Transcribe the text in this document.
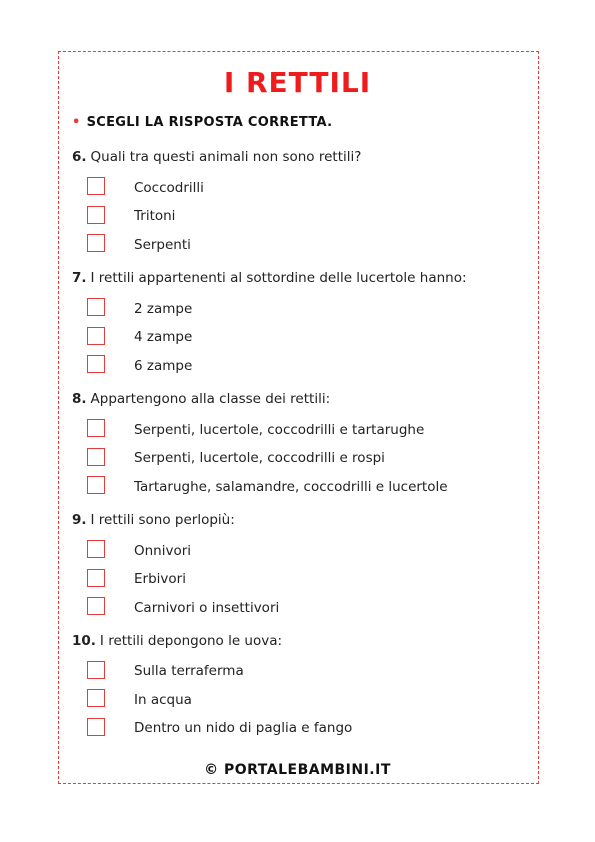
I RETTILI
• SCEGLI LA RISPOSTA CORRETTA.
6. Quali tra questi animali non sono rettili?
Coccodrilli
Tritoni
Serpenti
7. I rettili appartenenti al sottordine delle lucertole hanno:
2 zampe
4 zampe
6 zampe
8. Appartengono alla classe dei rettili:
Serpenti, lucertole, coccodrilli e tartarughe
Serpenti, lucertole, coccodrilli e rospi
Tartarughe, salamandre, coccodrilli e lucertole
9. I rettili sono perlopiù:
Onnivori
Erbivori
Carnivori o insettivori
10. I rettili depongono le uova:
Sulla terraferma
In acqua
Dentro un nido di paglia e fango
© PORTALEBAMBINI.IT
